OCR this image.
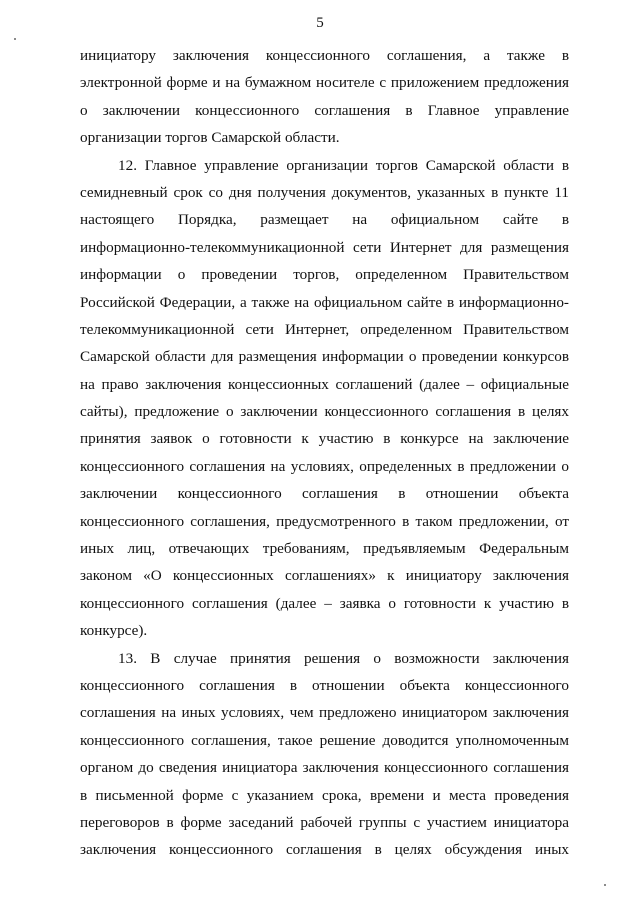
5
инициатору заключения концессионного соглашения, а также в
электронной форме и на бумажном носителе с приложением предложения
о заключении концессионного соглашения в Главное управление
организации торгов Самарской области.
12. Главное управление организации торгов Самарской области в
семидневный срок со дня получения документов, указанных в пункте 11
настоящего Порядка, размещает на официальном сайте в
информационно-телекоммуникационной сети Интернет для размещения
информации о проведении торгов, определенном Правительством
Российской Федерации, а также на официальном сайте в информационно-
телекоммуникационной сети Интернет, определенном Правительством
Самарской области для размещения информации о проведении конкурсов
на право заключения концессионных соглашений (далее – официальные
сайты), предложение о заключении концессионного соглашения в целях
принятия заявок о готовности к участию в конкурсе на заключение
концессионного соглашения на условиях, определенных в предложении о
заключении концессионного соглашения в отношении объекта
концессионного соглашения, предусмотренного в таком предложении, от
иных лиц, отвечающих требованиям, предъявляемым Федеральным
законом «О концессионных соглашениях» к инициатору заключения
концессионного соглашения (далее – заявка о готовности к участию в
конкурсе).
13. В случае принятия решения о возможности заключения
концессионного соглашения в отношении объекта концессионного
соглашения на иных условиях, чем предложено инициатором заключения
концессионного соглашения, такое решение доводится уполномоченным
органом до сведения инициатора заключения концессионного соглашения
в письменной форме с указанием срока, времени и места проведения
переговоров в форме заседаний рабочей группы с участием инициатора
заключения концессионного соглашения в целях обсуждения иных
